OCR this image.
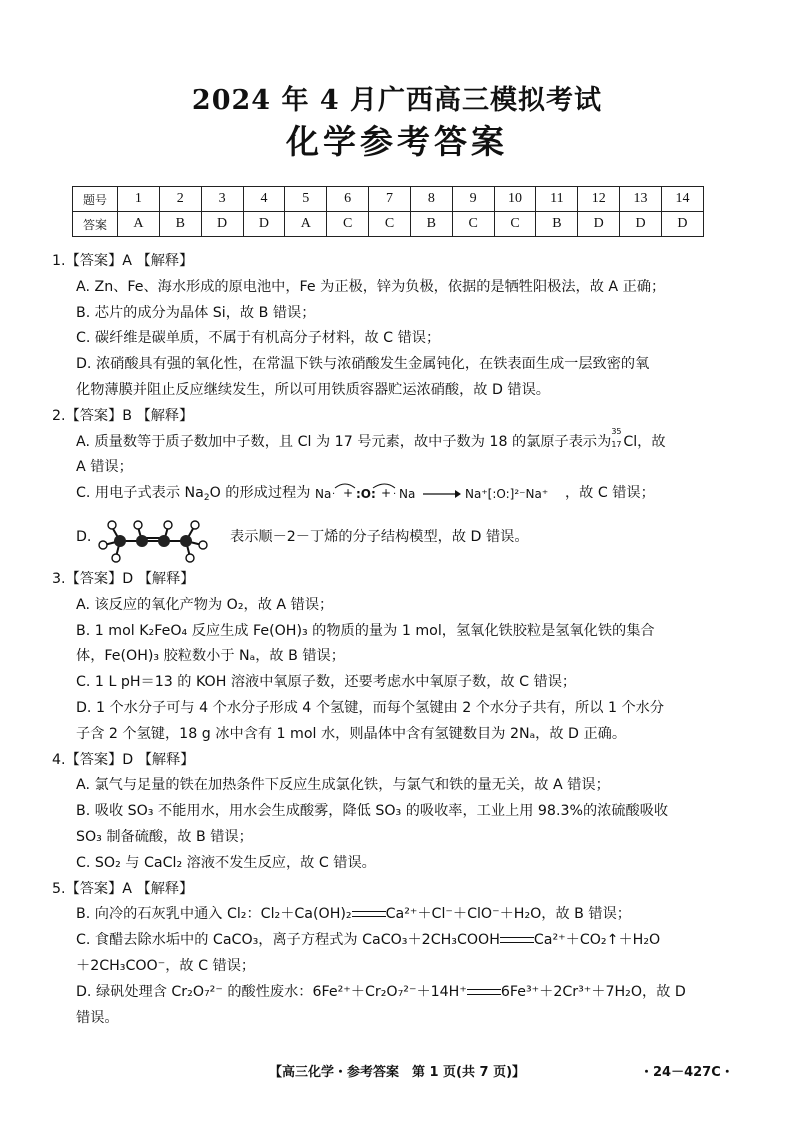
2024 年 4 月广西高三模拟考试
化学参考答案
题号	1	2	3	4	5	6	7	8	9	10	11	12	13	14
答案	A	B	D	D	A	C	C	B	C	C	B	D	D	D

1.【答案】A 【解释】

A. Zn、Fe、海水形成的原电池中，Fe 为正极，锌为负极，依据的是牺牲阳极法，故 A 正确；

B. 芯片的成分为晶体 Si，故 B 错误；

C. 碳纤维是碳单质，不属于有机高分子材料，故 C 错误；

D. 浓硝酸具有强的氧化性，在常温下铁与浓硝酸发生金属钝化，在铁表面生成一层致密的氧

化物薄膜并阻止反应继续发生，所以可用铁质容器贮运浓硝酸，故 D 错误。

2.【答案】B 【解释】

A. 质量数等于质子数加中子数，且 Cl 为 17 号元素，故中子数为 18 的氯原子表示为
35
17 Cl，故

A 错误；

C. 用电子式表示 $Na_2O$ 的形成过程为 Na · + :O: + · Na	Na⁺[:O:]²⁻Na⁺ ，故 C 错误；

D.	表示顺－2－丁烯的分子结构模型，故 D 错误。

3.【答案】D 【解释】

A. 该反应的氧化产物为 O₂，故 A 错误；

B. 1 mol K₂FeO₄ 反应生成 Fe(OH)₃ 的物质的量为 1 mol，氢氧化铁胶粒是氢氧化铁的集合

体，Fe(OH)₃ 胶粒数小于 Nₐ，故 B 错误；

C. 1 L pH＝13 的 KOH 溶液中氧原子数，还要考虑水中氧原子数，故 C 错误；

D. 1 个水分子可与 4 个水分子形成 4 个氢键，而每个氢键由 2 个水分子共有，所以 1 个水分

子含 2 个氢键，18 g 冰中含有 1 mol 水，则晶体中含有氢键数目为 2Nₐ，故 D 正确。

4.【答案】D 【解释】

A. 氯气与足量的铁在加热条件下反应生成氯化铁，与氯气和铁的量无关，故 A 错误；

B. 吸收 SO₃ 不能用水，用水会生成酸雾，降低 SO₃ 的吸收率，工业上用 98.3%的浓硫酸吸收

SO₃ 制备硫酸，故 B 错误；

C. SO₂ 与 CaCl₂ 溶液不发生反应，故 C 错误。

5.【答案】A 【解释】

B. 向冷的石灰乳中通入 Cl₂：Cl₂＋Ca(OH)₂ Ca²⁺＋Cl⁻＋ClO⁻＋H₂O，故 B 错误；

C. 食醋去除水垢中的 CaCO₃，离子方程式为 CaCO₃＋2CH₃COOH Ca²⁺＋CO₂↑＋H₂O

＋2CH₃COO⁻，故 C 错误；

D. 绿矾处理含 Cr₂O₇²⁻ 的酸性废水：6Fe²⁺＋Cr₂O₇²⁻＋14H⁺ 6Fe³⁺＋2Cr³⁺＋7H₂O，故 D

错误。

【高三化学・参考答案　第 1 页(共 7 页)】	・24－427C・
